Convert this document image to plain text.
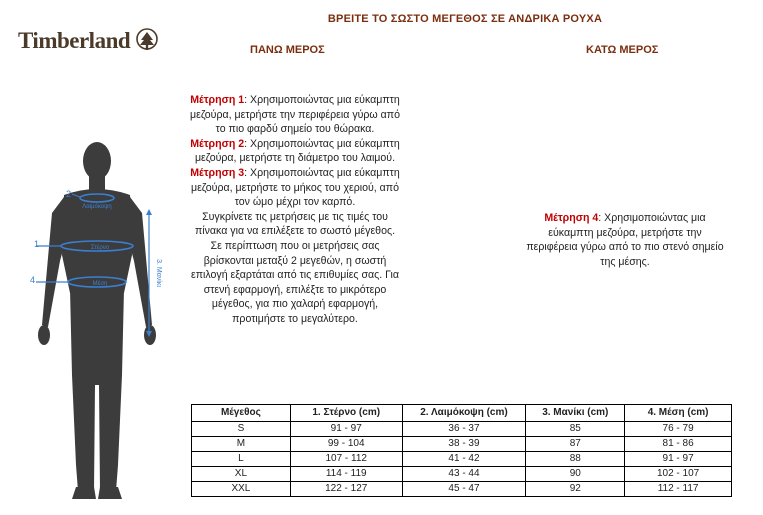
ΒΡΕΙΤΕ ΤΟ ΣΩΣΤΟ ΜΕΓΕΘΟΣ ΣΕ ΑΝΔΡΙΚΑ ΡΟΥΧΑ
Timberland	ΠΑΝΩ ΜΕΡΟΣ	ΚΑΤΩ ΜΕΡΟΣ
Μέτρηση 1: Χρησιμοποιώντας μια εύκαμπτη μεζούρα, μετρήστε την περιφέρεια γύρω από το πιο φαρδύ σημείο του θώρακα.
Μέτρηση 2: Χρησιμοποιώντας μια εύκαμπτη μεζούρα, μετρήστε τη διάμετρο του λαιμού.
Μέτρηση 3: Χρησιμοποιώντας μια εύκαμπτη μεζούρα, μετρήστε το μήκος του χεριού, από τον ώμο μέχρι τον καρπό.
Συγκρίνετε τις μετρήσεις με τις τιμές του πίνακα για να επιλέξετε το σωστό μέγεθος. Σε περίπτωση που οι μετρήσεις σας βρίσκονται μεταξύ 2 μεγεθών, η σωστή επιλογή εξαρτάται από τις επιθυμίες σας. Για στενή εφαρμογή, επιλέξτε το μικρότερο μέγεθος, για πιο χαλαρή εφαρμογή, προτιμήστε το μεγαλύτερο.
Μέτρηση 4: Χρησιμοποιώντας μια εύκαμπτη μεζούρα, μετρήστε την περιφέρεια γύρω από το πιο στενό σημείο της μέσης.
2
1
4
Λαιμόκοψη
Στέρνο
Μέση	3. Μανίκι
Μέγεθος	1. Στέρνο (cm)	2. Λαιμόκοψη (cm)	3. Μανίκι (cm)	4. Μέση (cm)
S	91 - 97	36 - 37	85	76 - 79
M	99 - 104	38 - 39	87	81 - 86
L	107 - 112	41 - 42	88	91 - 97
XL	114 - 119	43 - 44	90	102 - 107
XXL	122 - 127	45 - 47	92	112 - 117
